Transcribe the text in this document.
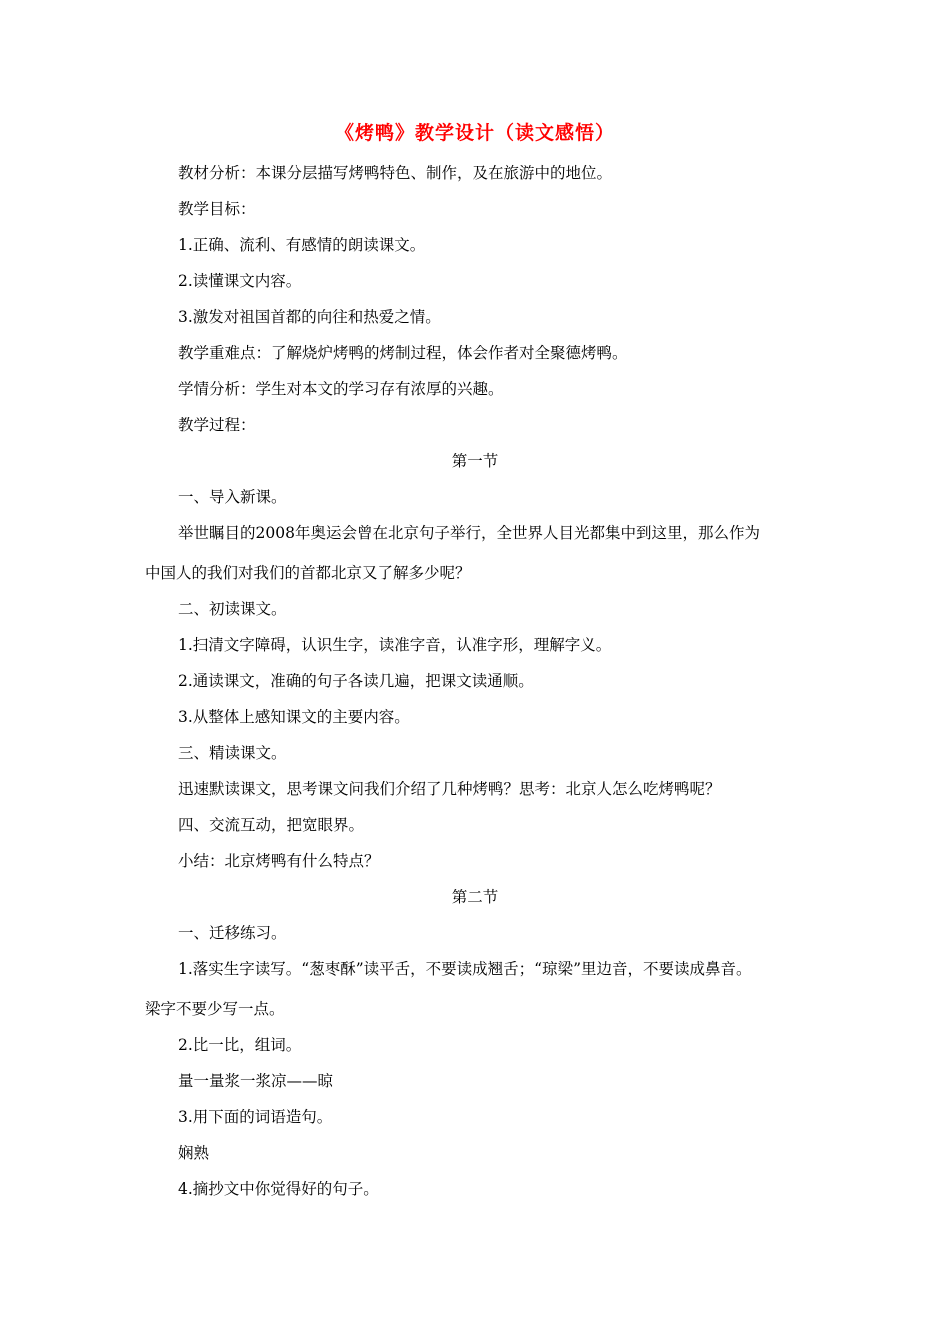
《烤鸭》教学设计（读文感悟）
教材分析：本课分层描写烤鸭特色、制作，及在旅游中的地位。
教学目标：
1.正确、流利、有感情的朗读课文。
2.读懂课文内容。
3.激发对祖国首都的向往和热爱之情。
教学重难点：了解烧炉烤鸭的烤制过程，体会作者对全聚德烤鸭。
学情分析：学生对本文的学习存有浓厚的兴趣。
教学过程：
第一节
一、导入新课。
举世瞩目的2008年奥运会曾在北京句子举行，全世界人目光都集中到这里，那么作为
中国人的我们对我们的首都北京又了解多少呢？
二、初读课文。
1.扫清文字障碍，认识生字，读准字音，认准字形，理解字义。
2.通读课文，准确的句子各读几遍，把课文读通顺。
3.从整体上感知课文的主要内容。
三、精读课文。
迅速默读课文，思考课文问我们介绍了几种烤鸭？思考：北京人怎么吃烤鸭呢？
四、交流互动，把宽眼界。
小结：北京烤鸭有什么特点？
第二节
一、迁移练习。
1.落实生字读写。“葱枣酥”读平舌，不要读成翘舌；“琼梁”里边音，不要读成鼻音。
梁字不要少写一点。
2.比一比，组词。
量一量浆一浆凉——晾
3.用下面的词语造句。
娴熟
4.摘抄文中你觉得好的句子。
